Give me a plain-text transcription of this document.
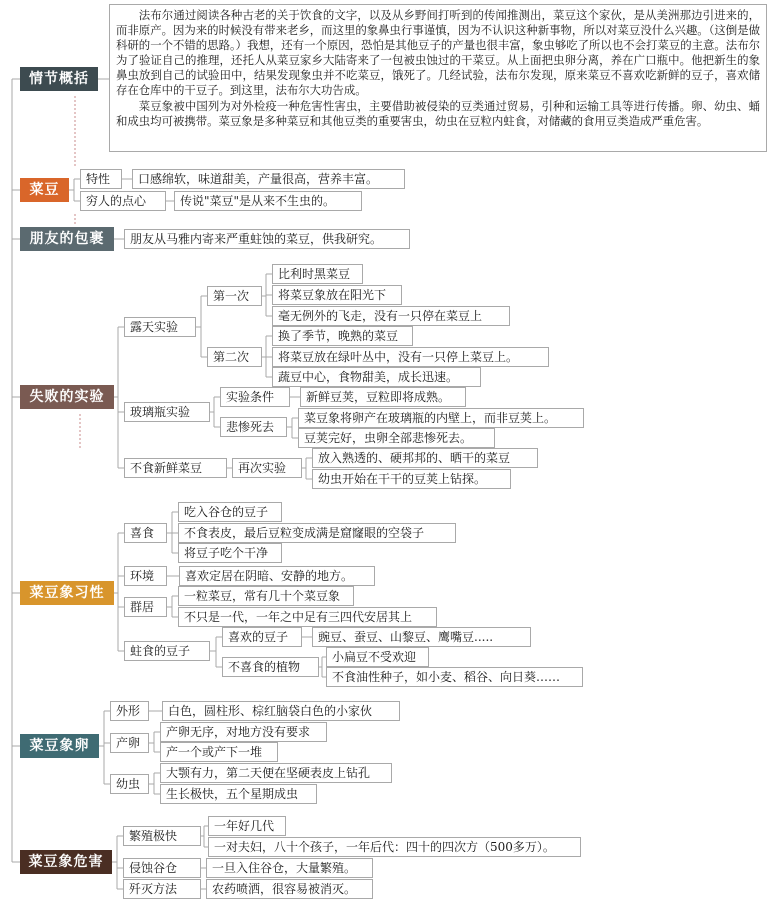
情节概括

法布尔通过阅读各种古老的关于饮食的文字，以及从乡野间打听到的传闻推测出，菜豆这个家伙，是从美洲那边引进来的，而非原产。因为来的时候没有带来老乡，而这里的象鼻虫行事谨慎，因为不认识这种新事物，所以对菜豆没什么兴趣。（这倒是做科研的一个不错的思路。）我想，还有一个原因，恐怕是其他豆子的产量也很丰富，象虫够吃了所以也不会打菜豆的主意。法布尔为了验证自己的推理，还托人从菜豆家乡大陆寄来了一包被虫蚀过的干菜豆。从上面把虫卵分离，养在广口瓶中。他把新生的象鼻虫放到自己的试验田中，结果发现象虫并不吃菜豆，饿死了。几经试验，法布尔发现，原来菜豆不喜欢吃新鲜的豆子，喜欢储存在仓库中的干豆子。到这里，法布尔大功告成。

菜豆象被中国列为对外检疫一种危害性害虫，主要借助被侵染的豆类通过贸易，引种和运输工具等进行传播。卵、幼虫、蛹和成虫均可被携带。菜豆象是多种菜豆和其他豆类的重要害虫，幼虫在豆粒内蛀食，对储藏的食用豆类造成严重危害。

菜豆
特性	口感绵软，味道甜美，产量很高，营养丰富。
穷人的点心	传说"菜豆"是从来不生虫的。
朋友的包裹	朋友从马雅内寄来严重蛀蚀的菜豆，供我研究。
失败的实验
露天实验
第一次
比利时黑菜豆
将菜豆象放在阳光下
毫无例外的飞走，没有一只停在菜豆上
第二次
换了季节，晚熟的菜豆
将菜豆放在绿叶丛中，没有一只停上菜豆上。
蔬豆中心，食物甜美，成长迅速。
玻璃瓶实验
实验条件	新鲜豆荚，豆粒即将成熟。
悲惨死去
菜豆象将卵产在玻璃瓶的内壁上，而非豆荚上。
豆荚完好，虫卵全部悲惨死去。
不食新鲜菜豆	再次实验
放入熟透的、硬邦邦的、晒干的菜豆
幼虫开始在干干的豆荚上钻探。
菜豆象习性
喜食
吃入谷仓的豆子
不食表皮，最后豆粒变成满是窟窿眼的空袋子
将豆子吃个干净
环境	喜欢定居在阴暗、安静的地方。
群居
一粒菜豆，常有几十个菜豆象
不只是一代，一年之中足有三四代安居其上
蛀食的豆子
喜欢的豆子	豌豆、蚕豆、山黎豆、鹰嘴豆.....
不喜食的植物
小扁豆不受欢迎
不食油性种子，如小麦、稻谷、向日葵……
菜豆象卵
外形	白色，圆柱形、棕红脑袋白色的小家伙
产卵
产卵无序，对地方没有要求
产一个或产下一堆
幼虫
大颚有力，第二天便在坚硬表皮上钻孔
生长极快，五个星期成虫
菜豆象危害
繁殖极快
一年好几代
一对夫妇，八十个孩子，一年后代：四十的四次方（500多万）。
侵蚀谷仓	一旦入住谷仓，大量繁殖。
歼灭方法	农药喷洒，很容易被消灭。
